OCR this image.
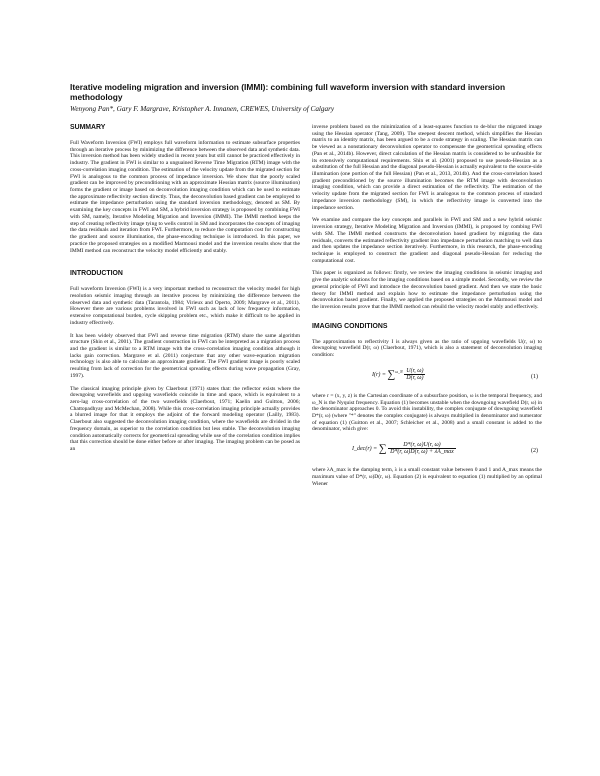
Iterative modeling migration and inversion (IMMI): combining full waveform inversion with standard inversion methodology
Wenyong Pan*, Gary F. Margrave, Kristopher A. Innanen, CREWES, University of Calgary
SUMMARY

Full Waveform Inversion (FWI) employs full waveform information to estimate subsurface properties through an iterative process by minimizing the difference between the observed data and synthetic data. This inversion method has been widely studied in recent years but still cannot be practiced effectively in industry. The gradient in FWI is similar to a unguained Reverse Time Migration (RTM) image with the cross-correlation imaging condition. The estimation of the velocity update from the migrated section for FWI is analogous to the common process of impedance inversion. We show that the poorly scaled gradient can be improved by preconditioning with an approximate Hessian matrix (source illumination) forms the gradient or image based on deconvolution imaging condition which can be used to estimate the approximate reflectivity section directly. Thus, the deconvolution based gradient can be employed to estimate the impedance perturbation using the standard inversion methodology, denoted as SM. By examining the key concepts in FWI and SM, a hybrid inversion strategy is proposed by combining FWI with SM, namely, Iterative Modeling Migration and Inversion (IMMI). The IMMI method keeps the step of creating reflectivity image tying to wells control in SM and incorporates the concepts of imaging the data residuals and iteration from FWI. Furthermore, to reduce the computation cost for constructing the gradient and source illumination, the phase-encoding technique is introduced. In this paper, we practice the proposed strategies on a modified Marmousi model and the inversion results show that the IMMI method can reconstruct the velocity model efficiently and stably.

INTRODUCTION

Full waveform Inversion (FWI) is a very important method to reconstruct the velocity model for high resolution seismic imaging through an iterative process by minimizing the difference between the observed data and synthetic data (Tarantola, 1984; Virieux and Operto, 2009; Margrave et al., 2011). However there are various problems involved in FWI such as lack of low frequency information, extensive computational burden, cycle skipping problem etc., which make it difficult to be applied in industry effectively.

It has been widely observed that FWI and reverse time migration (RTM) share the same algorithm structure (Shin et al., 2001). The gradient construction in FWI can be interpreted as a migration process and the gradient is similar to a RTM image with the cross-correlation imaging condition although it lacks gain correction. Margrave et al. (2011) conjecture that any other wave-equation migration technology is also able to calculate an approximate gradient. The FWI gradient image is poorly scaled resulting from lack of correction for the geometrical spreading effects during wave propagation (Gray, 1997).

The classical imaging principle given by Claerbout (1971) states that: the reflector exists where the downgoing wavefields and upgoing wavefields coincide in time and space, which is equivalent to a zero-lag cross-correlation of the two wavefields (Claerbout, 1971; Kaelin and Guitton, 2006; Chattopadhyay and McMechan, 2008). While this cross-correlation imaging principle actually provides a blurred image for that it employs the adjoint of the forward modeling operator (Lailly, 1983). Claerbout also suggested the deconvolution imaging condition, where the wavefields are divided in the frequency domain, as superior to the correlation condition but less stable. The deconvolution imaging condition automatically corrects for geometrical spreading while use of the correlation condition implies that this correction should be done either before or after imaging. The imaging problem can be posed as an

inverse problem based on the minimization of a least-squares function to de-blur the migrated image using the Hessian operator (Tang, 2009). The steepest descent method, which simplifies the Hessian matrix to an identity matrix, has been argued to be a crude strategy in scaling. The Hessian matrix can be viewed as a nonstationary deconvolution operator to compensate the geometrical spreading effects (Pan et al., 2014b). However, direct calculation of the Hessian matrix is considered to be unfeasible for its extensively computational requirements. Shin et al. (2001) proposed to use pseudo-Hessian as a substitution of the full Hessian and the diagonal pseudo-Hessian is actually equivalent to the source-side illumination (one portion of the full Hessian) (Pan et al., 2013, 2014b). And the cross-correlation based gradient preconditioned by the source illumination becomes the RTM image with deconvolution imaging condition, which can provide a direct estimation of the reflectivity. The estimation of the velocity update from the migrated section for FWI is analogous to the common process of standard impedance inversion methodology (SM), in which the reflectivity image is converted into the impedance section.

We examine and compare the key concepts and parallels in FWI and SM and a new hybrid seismic inversion strategy, Iterative Modeling Migration and Inversion (IMMI), is proposed by combing FWI with SM. The IMMI method constructs the deconvolution based gradient by migrating the data residuals, converts the estimated reflectivity gradient into impedance perturbation matching to well data and then updates the impedance section iteratively. Furthermore, in this research, the phase-encoding technique is employed to construct the gradient and diagonal pseudo-Hessian for reducing the computational cost.

This paper is organized as follows: firstly, we review the imaging conditions in seismic imaging and give the analytic solutions for the imaging conditions based on a simple model. Secondly, we review the general principle of FWI and introduce the deconvolution based gradient. And then we state the basic theory for IMMI method and explain how to estimate the impedance perturbation using the deconvolution based gradient. Finally, we applied the proposed strategies on the Marmousi model and the inversion results prove that the IMMI method can rebuild the velocity model stably and effectively.

IMAGING CONDITIONS

The approximation to reflectivity I is always given as the ratio of upgoing wavefields U(r, ω) to downgoing wavefield D(r, ω) (Claerbout, 1971), which is also a statement of deconvolution imaging condition:

$I(r) = \sum^{\omega\_N} \frac{U(r, \omega)}{D(r, \omega)}$	(1)

where r = (x, y, z) is the Cartesian coordinate of a subsurface position, ω is the temporal frequency, and ω_N is the Nyquist frequency. Equation (1) becomes unstable when the downgoing wavefield D(r, ω) in the denominator approaches 0. To avoid this instability, the complex conjugate of downgoing wavefield D*(r, ω) (where "*" denotes the complex conjugate) is always multiplied in denominator and numerator of equation (1) (Guitton et al., 2007; Schleicher et al., 2008) and a small constant is added to the denominator, which give:

I_dec(r) = ∑ $\frac{D*(r, \omega)U(r, \omega)}{D*(r, \omega)D(r, \omega) + \lambda A\_\max}$	(2)

where λA_max is the damping term, λ is a small constant value between 0 and 1 and A_max means the maximum value of D*(r, ω)D(r, ω). Equation (2) is equivalent to equation (1) multiplied by an optimal Wiener
